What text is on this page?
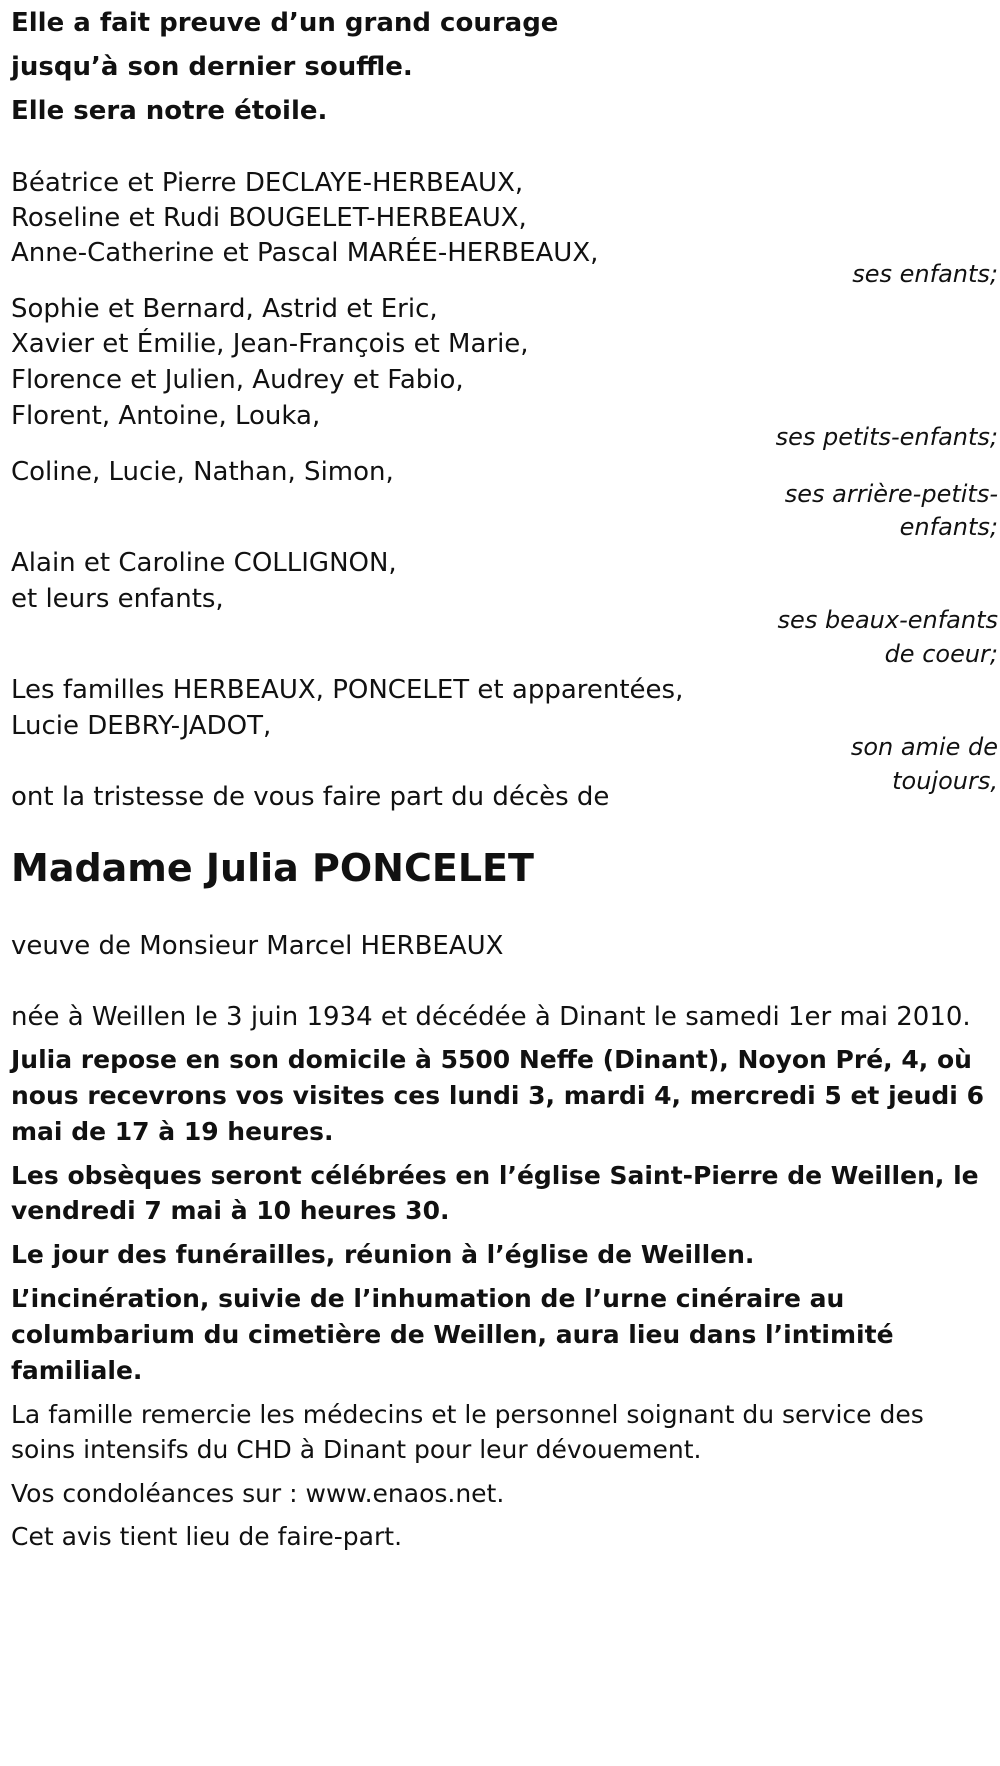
Elle a fait preuve d’un grand courage
jusqu’à son dernier souffle.
Elle sera notre étoile.
Béatrice et Pierre DECLAYE-HERBEAUX,
Roseline et Rudi BOUGELET-HERBEAUX,
Anne-Catherine et Pascal MARÉE-HERBEAUX,
ses enfants;
Sophie et Bernard, Astrid et Eric,
Xavier et Émilie, Jean-François et Marie,
Florence et Julien, Audrey et Fabio,
Florent, Antoine, Louka,
ses petits-enfants;
Coline, Lucie, Nathan, Simon,
ses arrière-petits-
enfants;
Alain et Caroline COLLIGNON,
et leurs enfants,
ses beaux-enfants
de coeur;
Les familles HERBEAUX, PONCELET et apparentées,
Lucie DEBRY-JADOT,
son amie de
toujours,
ont la tristesse de vous faire part du décès de
Madame Julia PONCELET
veuve de Monsieur Marcel HERBEAUX
née à Weillen le 3 juin 1934 et décédée à Dinant le samedi 1er mai 2010.
Julia repose en son domicile à 5500 Neffe (Dinant), Noyon Pré, 4, où
nous recevrons vos visites ces lundi 3, mardi 4, mercredi 5 et jeudi 6
mai de 17 à 19 heures.
Les obsèques seront célébrées en l’église Saint-Pierre de Weillen, le
vendredi 7 mai à 10 heures 30.
Le jour des funérailles, réunion à l’église de Weillen.
L’incinération, suivie de l’inhumation de l’urne cinéraire au
columbarium du cimetière de Weillen, aura lieu dans l’intimité
familiale.
La famille remercie les médecins et le personnel soignant du service des
soins intensifs du CHD à Dinant pour leur dévouement.
Vos condoléances sur : www.enaos.net.
Cet avis tient lieu de faire-part.
